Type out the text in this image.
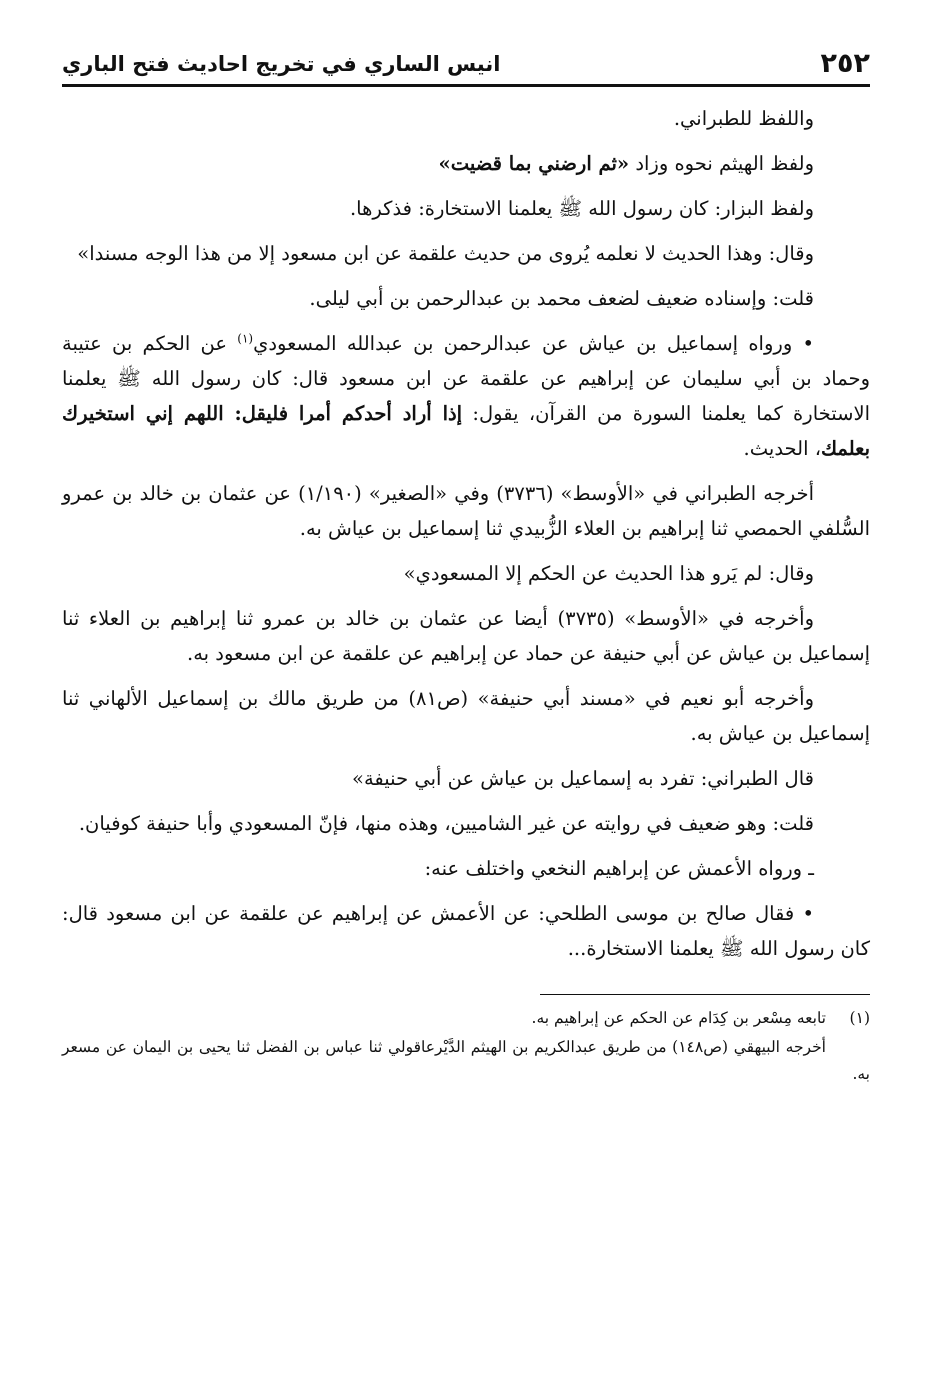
٢٥٢
انيس الساري في تخريج احاديث فتح الباري

واللفظ للطبراني.

ولفظ الهيثم نحوه وزاد «ثم ارضني بما قضيت»

ولفظ البزار: كان رسول الله ﷺ يعلمنا الاستخارة: فذكرها.

وقال: وهذا الحديث لا نعلمه يُروى من حديث علقمة عن ابن مسعود إلا من هذا الوجه مسندا»

قلت: وإسناده ضعيف لضعف محمد بن عبدالرحمن بن أبي ليلى.

• ورواه إسماعيل بن عياش عن عبدالرحمن بن عبدالله المسعودي$^{(١)}$ عن الحكم بن عتيبة وحماد بن أبي سليمان عن إبراهيم عن علقمة عن ابن مسعود قال: كان رسول الله ﷺ يعلمنا الاستخارة كما يعلمنا السورة من القرآن، يقول: إذا أراد أحدكم أمرا فليقل: اللهم إني استخيرك بعلمك، الحديث.

أخرجه الطبراني في «الأوسط» (٣٧٣٦) وفي «الصغير» (١/١٩٠) عن عثمان بن خالد بن عمرو السُّلفي الحمصي ثنا إبراهيم بن العلاء الزُّبيدي ثنا إسماعيل بن عياش به.

وقال: لم يَرو هذا الحديث عن الحكم إلا المسعودي»

وأخرجه في «الأوسط» (٣٧٣٥) أيضا عن عثمان بن خالد بن عمرو ثنا إبراهيم بن العلاء ثنا إسماعيل بن عياش عن أبي حنيفة عن حماد عن إبراهيم عن علقمة عن ابن مسعود به.

وأخرجه أبو نعيم في «مسند أبي حنيفة» (ص٨١) من طريق مالك بن إسماعيل الألهاني ثنا إسماعيل بن عياش به.

قال الطبراني: تفرد به إسماعيل بن عياش عن أبي حنيفة»

قلت: وهو ضعيف في روايته عن غير الشاميين، وهذه منها، فإنّ المسعودي وأبا حنيفة كوفيان.

ـ ورواه الأعمش عن إبراهيم النخعي واختلف عنه:

• فقال صالح بن موسى الطلحي: عن الأعمش عن إبراهيم عن علقمة عن ابن مسعود قال: كان رسول الله ﷺ يعلمنا الاستخارة...

(١)تابعه مِسْعر بن كِدَام عن الحكم عن إبراهيم به.

أخرجه البيهقي (ص١٤٨) من طريق عبدالكريم بن الهيثم الدَّيْرعاقولي ثنا عباس بن الفضل ثنا يحيى بن اليمان عن مسعر به.
